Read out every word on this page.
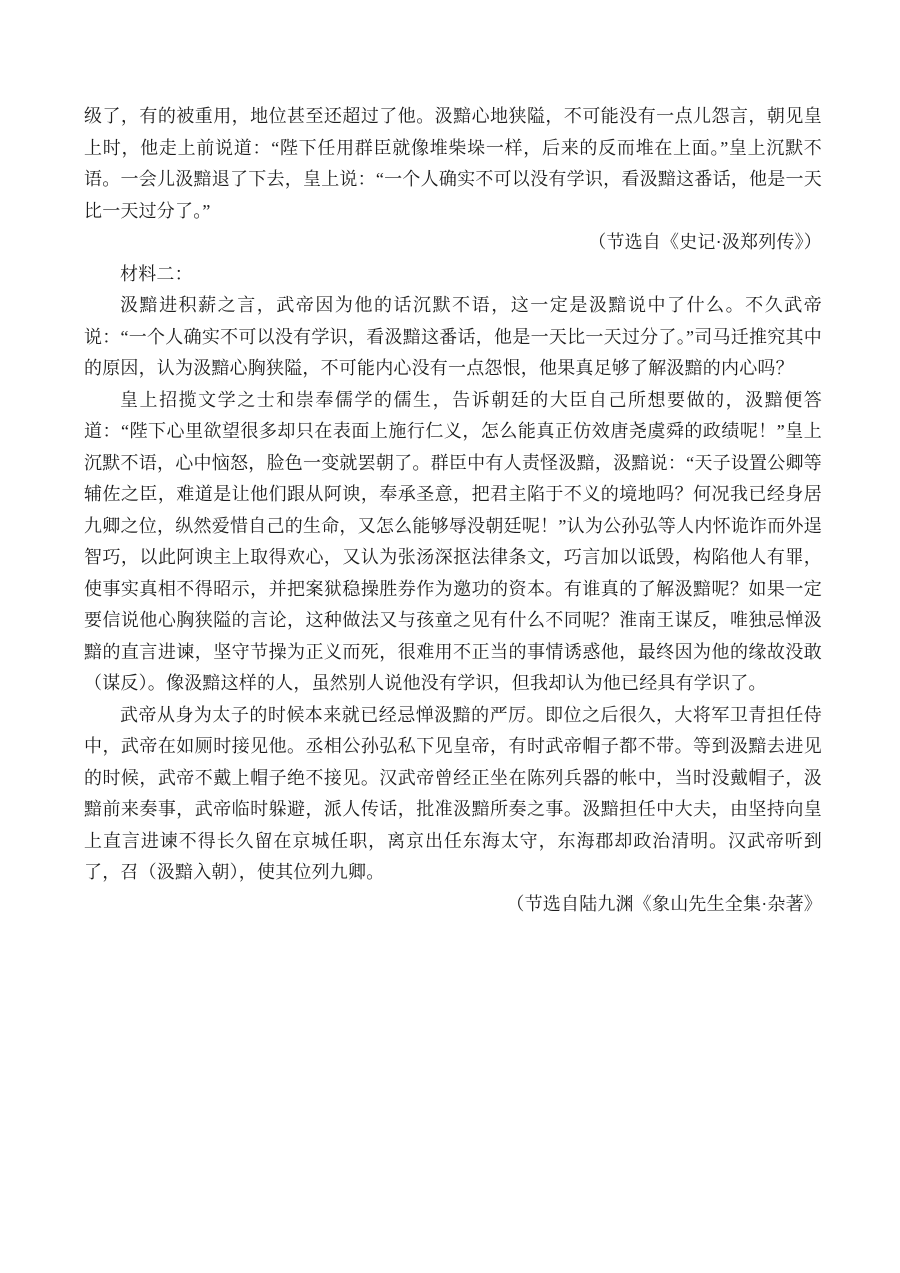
级了，有的被重用，地位甚至还超过了他。汲黯心地狭隘，不可能没有一点儿怨言，朝见皇上时，他走上前说道：“陛下任用群臣就像堆柴垛一样，后来的反而堆在上面。”皇上沉默不语。一会儿汲黯退了下去，皇上说：“一个人确实不可以没有学识，看汲黯这番话，他是一天比一天过分了。”

（节选自《史记·汲郑列传》）

材料二：

汲黯进积薪之言，武帝因为他的话沉默不语，这一定是汲黯说中了什么。不久武帝说：“一个人确实不可以没有学识，看汲黯这番话，他是一天比一天过分了。”司马迁推究其中的原因，认为汲黯心胸狭隘，不可能内心没有一点怨恨，他果真足够了解汲黯的内心吗？

皇上招揽文学之士和崇奉儒学的儒生，告诉朝廷的大臣自己所想要做的，汲黯便答道：“陛下心里欲望很多却只在表面上施行仁义，怎么能真正仿效唐尧虞舜的政绩呢！”皇上沉默不语，心中恼怒，脸色一变就罢朝了。群臣中有人责怪汲黯，汲黯说：“天子设置公卿等辅佐之臣，难道是让他们跟从阿谀，奉承圣意，把君主陷于不义的境地吗？何况我已经身居九卿之位，纵然爱惜自己的生命，又怎么能够辱没朝廷呢！”认为公孙弘等人内怀诡诈而外逞智巧，以此阿谀主上取得欢心，又认为张汤深抠法律条文，巧言加以诋毁，构陷他人有罪，使事实真相不得昭示，并把案狱稳操胜券作为邀功的资本。有谁真的了解汲黯呢？如果一定要信说他心胸狭隘的言论，这种做法又与孩童之见有什么不同呢？淮南王谋反，唯独忌惮汲黯的直言进谏，坚守节操为正义而死，很难用不正当的事情诱惑他，最终因为他的缘故没敢（谋反）。像汲黯这样的人，虽然别人说他没有学识，但我却认为他已经具有学识了。

武帝从身为太子的时候本来就已经忌惮汲黯的严厉。即位之后很久，大将军卫青担任侍中，武帝在如厕时接见他。丞相公孙弘私下见皇帝，有时武帝帽子都不带。等到汲黯去进见的时候，武帝不戴上帽子绝不接见。汉武帝曾经正坐在陈列兵器的帐中，当时没戴帽子，汲黯前来奏事，武帝临时躲避，派人传话，批准汲黯所奏之事。汲黯担任中大夫，由坚持向皇上直言进谏不得长久留在京城任职，离京出任东海太守，东海郡却政治清明。汉武帝听到了，召（汲黯入朝），使其位列九卿。

（节选自陆九渊《象山先生全集·杂著》
